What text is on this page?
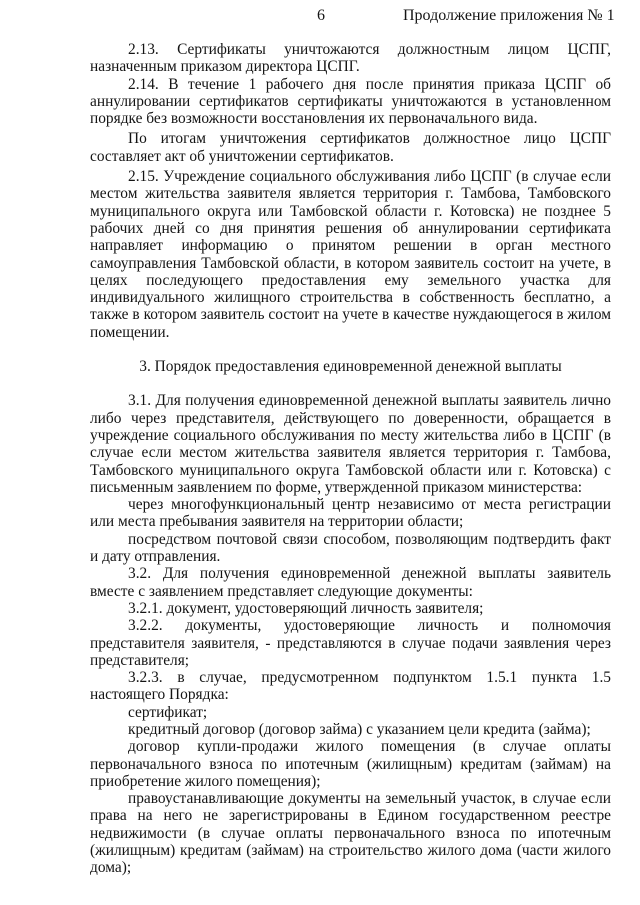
6	Продолжение приложения № 1

2.13. Сертификаты уничтожаются должностным лицом ЦСПГ, назначенным приказом директора ЦСПГ.

2.14. В течение 1 рабочего дня после принятия приказа ЦСПГ об аннулировании сертификатов сертификаты уничтожаются в установленном порядке без возможности восстановления их первоначального вида.

По итогам уничтожения сертификатов должностное лицо ЦСПГ составляет акт об уничтожении сертификатов.

2.15. Учреждение социального обслуживания либо ЦСПГ (в случае если местом жительства заявителя является территория г. Тамбова, Тамбовского муниципального округа или Тамбовской области г. Котовска) не позднее 5 рабочих дней со дня принятия решения об аннулировании сертификата направляет информацию о принятом решении в орган местного самоуправления Тамбовской области, в котором заявитель состоит на учете, в целях последующего предоставления ему земельного участка для индивидуального жилищного строительства в собственность бесплатно, а также в котором заявитель состоит на учете в качестве нуждающегося в жилом помещении.

3. Порядок предоставления единовременной денежной выплаты

3.1. Для получения единовременной денежной выплаты заявитель лично либо через представителя, действующего по доверенности, обращается в учреждение социального обслуживания по месту жительства либо в ЦСПГ (в случае если местом жительства заявителя является территория г. Тамбова, Тамбовского муниципального округа Тамбовской области или г. Котовска) с письменным заявлением по форме, утвержденной приказом министерства:

через многофункциональный центр независимо от места регистрации или места пребывания заявителя на территории области;

посредством почтовой связи способом, позволяющим подтвердить факт и дату отправления.

3.2. Для получения единовременной денежной выплаты заявитель вместе с заявлением представляет следующие документы:

3.2.1. документ, удостоверяющий личность заявителя;

3.2.2. документы, удостоверяющие личность и полномочия представителя заявителя, - представляются в случае подачи заявления через представителя;

3.2.3. в случае, предусмотренном подпунктом 1.5.1 пункта 1.5 настоящего Порядка:

сертификат;

кредитный договор (договор займа) с указанием цели кредита (займа);

договор купли-продажи жилого помещения (в случае оплаты первоначального взноса по ипотечным (жилищным) кредитам (займам) на приобретение жилого помещения);

правоустанавливающие документы на земельный участок, в случае если права на него не зарегистрированы в Едином государственном реестре недвижимости (в случае оплаты первоначального взноса по ипотечным (жилищным) кредитам (займам) на строительство жилого дома (части жилого дома);
